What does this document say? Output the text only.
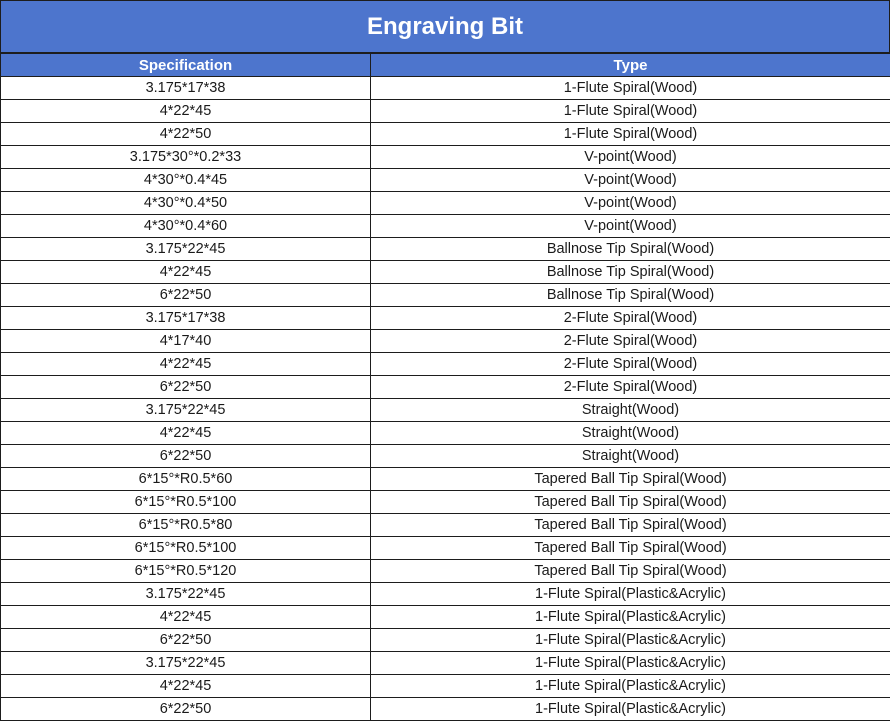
Engraving Bit
Specification	Type
3.175*17*38	1-Flute Spiral(Wood)
4*22*45	1-Flute Spiral(Wood)
4*22*50	1-Flute Spiral(Wood)
3.175*30°*0.2*33	V-point(Wood)
4*30°*0.4*45	V-point(Wood)
4*30°*0.4*50	V-point(Wood)
4*30°*0.4*60	V-point(Wood)
3.175*22*45	Ballnose Tip Spiral(Wood)
4*22*45	Ballnose Tip Spiral(Wood)
6*22*50	Ballnose Tip Spiral(Wood)
3.175*17*38	2-Flute Spiral(Wood)
4*17*40	2-Flute Spiral(Wood)
4*22*45	2-Flute Spiral(Wood)
6*22*50	2-Flute Spiral(Wood)
3.175*22*45	Straight(Wood)
4*22*45	Straight(Wood)
6*22*50	Straight(Wood)
6*15°*R0.5*60	Tapered Ball Tip Spiral(Wood)
6*15°*R0.5*100	Tapered Ball Tip Spiral(Wood)
6*15°*R0.5*80	Tapered Ball Tip Spiral(Wood)
6*15°*R0.5*100	Tapered Ball Tip Spiral(Wood)
6*15°*R0.5*120	Tapered Ball Tip Spiral(Wood)
3.175*22*45	1-Flute Spiral(Plastic&Acrylic)
4*22*45	1-Flute Spiral(Plastic&Acrylic)
6*22*50	1-Flute Spiral(Plastic&Acrylic)
3.175*22*45	1-Flute Spiral(Plastic&Acrylic)
4*22*45	1-Flute Spiral(Plastic&Acrylic)
6*22*50	1-Flute Spiral(Plastic&Acrylic)
